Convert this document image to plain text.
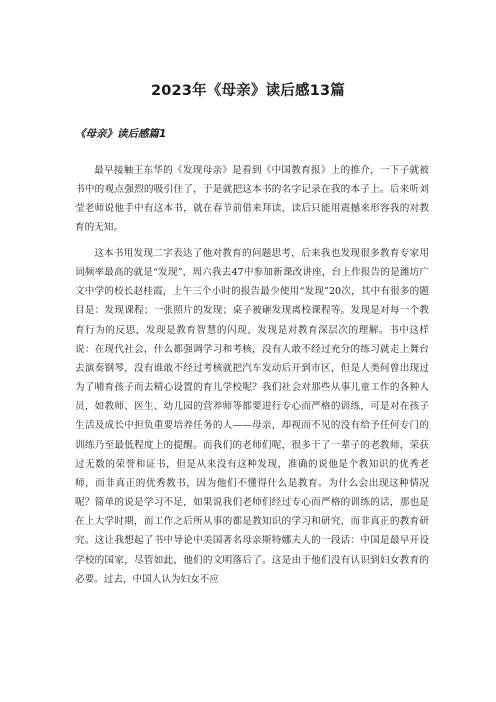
2023年《母亲》读后感13篇
《母亲》读后感篇1

最早接触王东华的《发现母亲》是看到《中国教育报》上的推介，一下子就被书中的观点强烈的吸引住了，于是就把这本书的名字记录在我的本子上。后来听刘莹老师说他手中有这本书，就在春节前借来拜读，读后只能用震撼来形容我的对教育的无知。

这本书用发现二字表达了他对教育的问题思考，后来我也发现很多教育专家用词频率最高的就是“发现”，周六我去47中参加新课改讲座，台上作报告的是潍坊广文中学的校长赵桂霞，上午三个小时的报告最少使用“发现”20次，其中有很多的题目是：发现课程；一张照片的发现；桌子被砸发现离校课程等。发现是对每一个教育行为的反思，发现是教育智慧的闪现、发现是对教育深层次的理解。书中这样说：在现代社会，什么都强调学习和考核，没有人敢不经过充分的练习就走上舞台去演奏钢琴，没有谁敢不经过考核就把汽车发动后开到市区，但是人类何曾出现过为了哺育孩子而去精心设置的育儿学校呢？我们社会对那些从事儿童工作的各种人员，如教师、医生、幼儿园的营养师等都要进行专心而严格的训练，可是对在孩子生活及成长中担负重要培养任务的人——母亲，却视而不见的没有给予任何专门的训练乃至最低程度上的提醒。而我们的老师们呢，很多干了一辈子的老教师，荣获过无数的荣誉和证书，但是从来没有这种发现，准确的说他是个教知识的优秀老师，而非真正的优秀教书，因为他们不懂得什么是教育。为什么会出现这种情况呢？简单的说是学习不足，如果说我们老师们经过专心而严格的训练的话，那也是在上大学时期，而工作之后所从事的都是教知识的学习和研究，而非真正的教育研究。这让我想起了书中导论中美国著名母亲斯特娜夫人的一段话：中国是最早开设学校的国家，尽管如此，他们的文明落后了。这是由于他们没有认识到妇女教育的必要。过去，中国人认为妇女不应
